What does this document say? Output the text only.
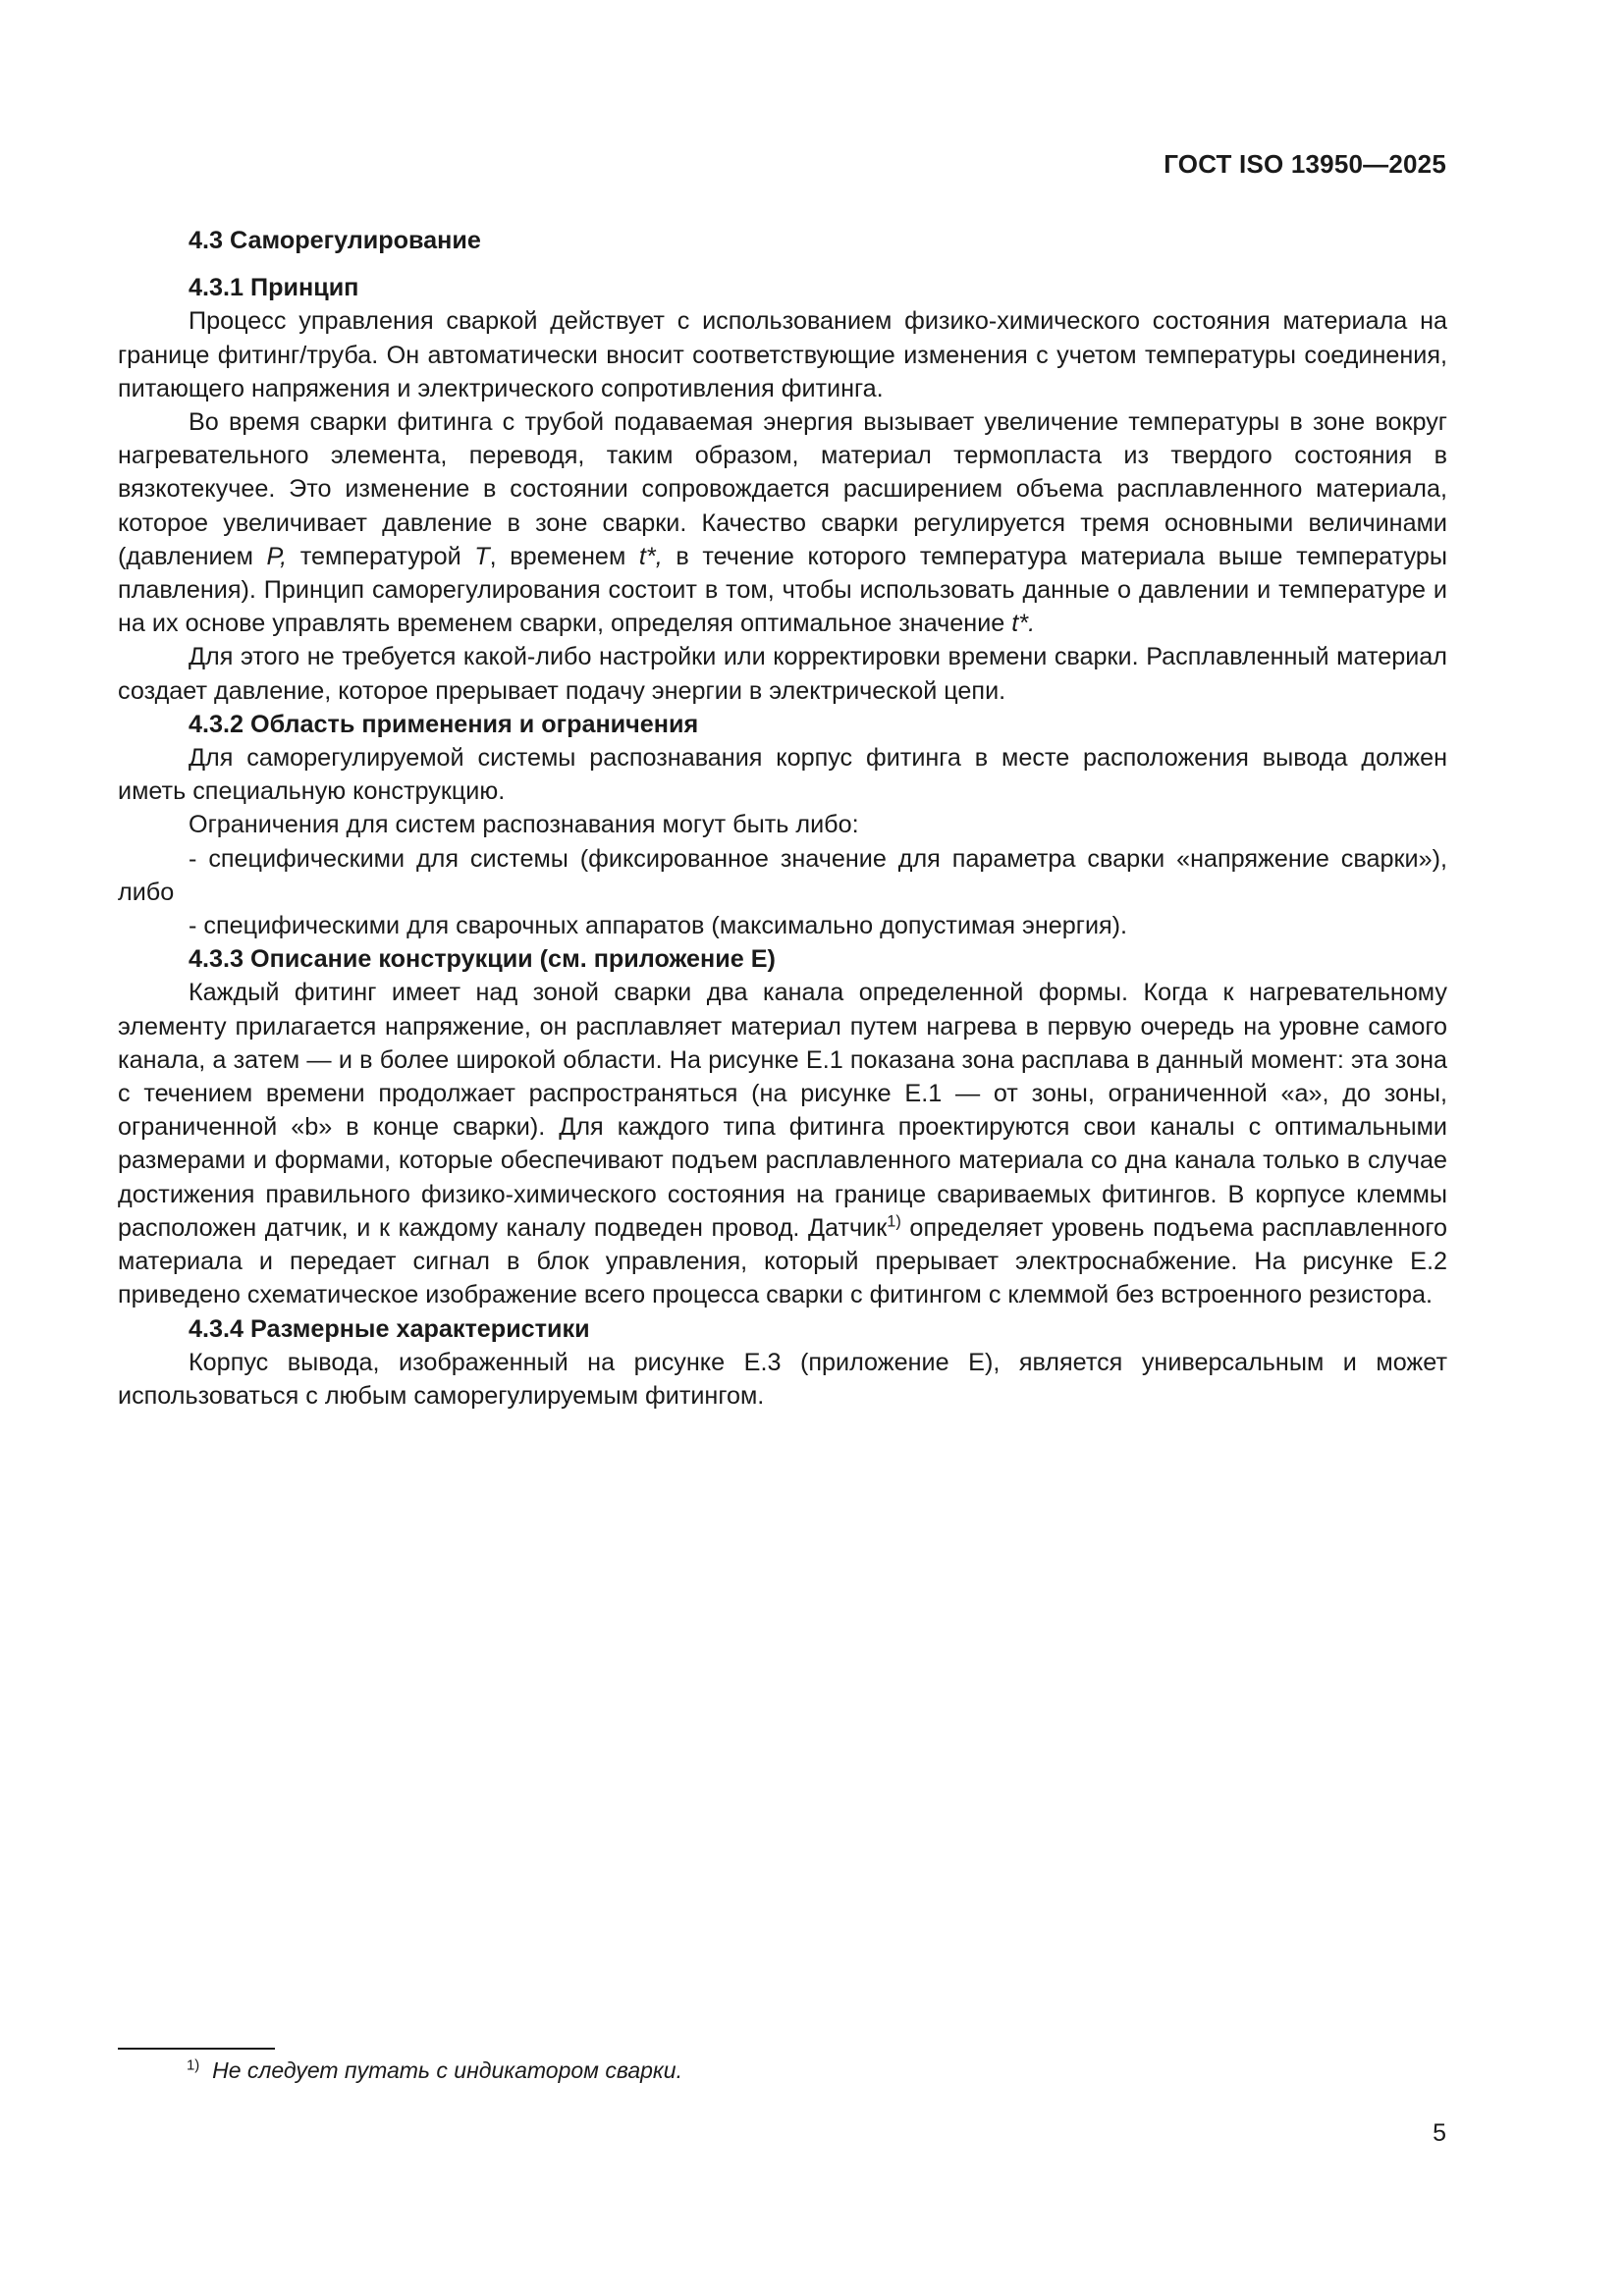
ГОСТ ISO 13950—2025
4.3 Саморегулирование
4.3.1 Принцип

Процесс управления сваркой действует с использованием физико-химического состояния материала на границе фитинг/труба. Он автоматически вносит соответствующие изменения с учетом температуры соединения, питающего напряжения и электрического сопротивления фитинга.

Во время сварки фитинга с трубой подаваемая энергия вызывает увеличение температуры в зоне вокруг нагревательного элемента, переводя, таким образом, материал термопласта из твердого состояния в вязкотекучее. Это изменение в состоянии сопровождается расширением объема расплавленного материала, которое увеличивает давление в зоне сварки. Качество сварки регулируется тремя основными величинами (давлением P, температурой T, временем t*, в течение которого температура материала выше температуры плавления). Принцип саморегулирования состоит в том, чтобы использовать данные о давлении и температуре и на их основе управлять временем сварки, определяя оптимальное значение t*.

Для этого не требуется какой-либо настройки или корректировки времени сварки. Расплавленный материал создает давление, которое прерывает подачу энергии в электрической цепи.

4.3.2 Область применения и ограничения

Для саморегулируемой системы распознавания корпус фитинга в месте расположения вывода должен иметь специальную конструкцию.

Ограничения для систем распознавания могут быть либо:

- специфическими для системы (фиксированное значение для параметра сварки «напряжение сварки»), либо

- специфическими для сварочных аппаратов (максимально допустимая энергия).

4.3.3 Описание конструкции (см. приложение Е)

Каждый фитинг имеет над зоной сварки два канала определенной формы. Когда к нагревательному элементу прилагается напряжение, он расплавляет материал путем нагрева в первую очередь на уровне самого канала, а затем — и в более широкой области. На рисунке Е.1 показана зона расплава в данный момент: эта зона с течением времени продолжает распространяться (на рисунке Е.1 — от зоны, ограниченной «а», до зоны, ограниченной «b» в конце сварки). Для каждого типа фитинга проектируются свои каналы с оптимальными размерами и формами, которые обеспечивают подъем расплавленного материала со дна канала только в случае достижения правильного физико-химического состояния на границе свариваемых фитингов. В корпусе клеммы расположен датчик, и к каждому каналу подведен провод. Датчик$^{1)}$ определяет уровень подъема расплавленного материала и передает сигнал в блок управления, который прерывает электроснабжение. На рисунке Е.2 приведено схематическое изображение всего процесса сварки с фитингом с клеммой без встроенного резистора.

4.3.4 Размерные характеристики

Корпус вывода, изображенный на рисунке Е.3 (приложение Е), является универсальным и может использоваться с любым саморегулируемым фитингом.

$^{1)}$ Не следует путать с индикатором сварки.
5
